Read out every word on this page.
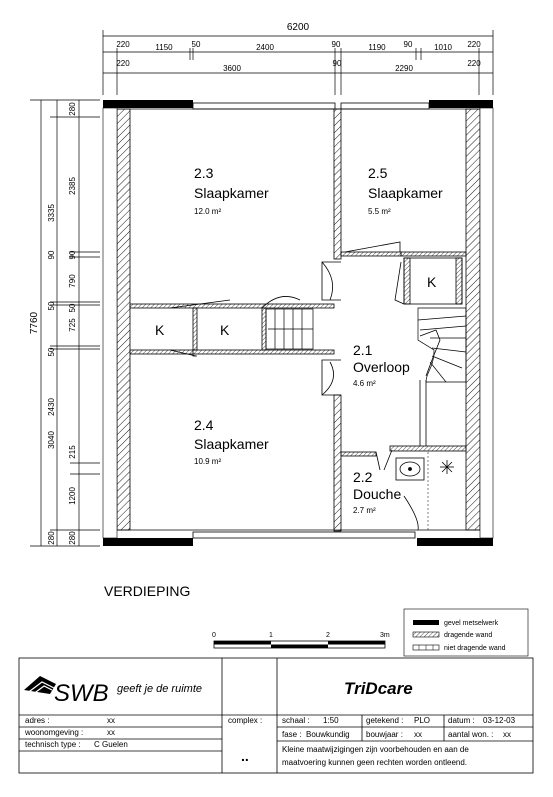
6200
220	1150 50	2400	90	1190 90	1010 220
220
3600
90
2290
220
7760
3335
50
2430
50
280
2385
90
790
725
50
3040
215
1200
280
90
280
2.3
Slaapkamer
12.0 m²
2.5
Slaapkamer
5.5 m²
2.1
Overloop
4.6 m²
2.4
Slaapkamer
10.9 m²
2.2
Douche
2.7 m²
K	K
K
0	1	2	3m
gevel metselwerk
dragende wand
niet dragende wand
SWB geeft je de ruimte	TriDcare
VERDIEPING
adres :	xx
woonomgeving :	xx
technisch type : C Guelen
complex :
..
schaal : 1:50	getekend : PLO datum : 03-12-03
fase : Bouwkundig bouwjaar : xx	aantal won. : xx
Kleine maatwijzigingen zijn voorbehouden en aan de
maatvoering kunnen geen rechten worden ontleend.
